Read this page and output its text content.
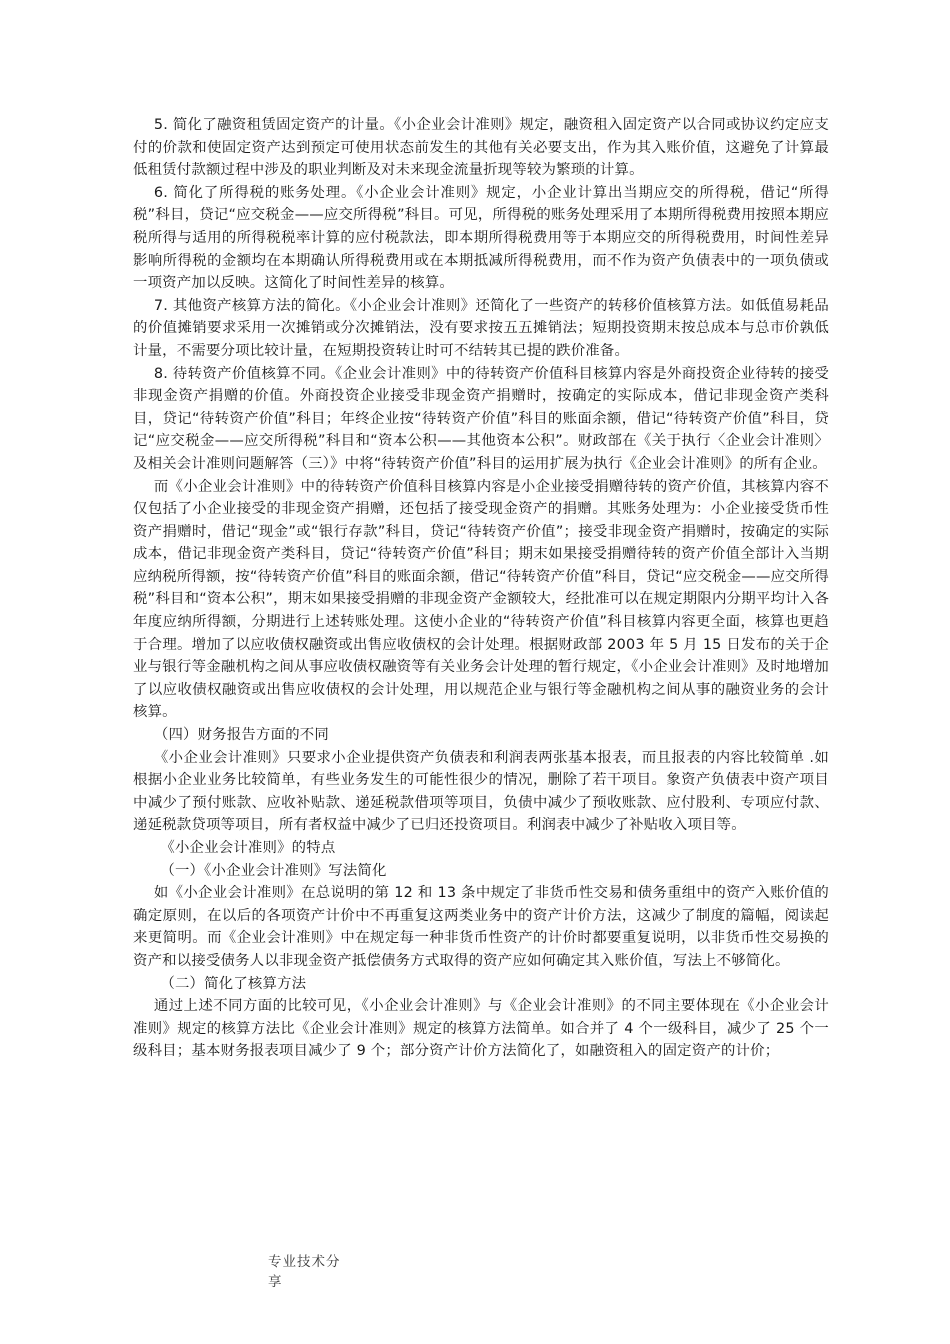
5. 简化了融资租赁固定资产的计量。《小企业会计准则》规定，融资租入固定资产以合同或协议约定应支付的价款和使固定资产达到预定可使用状态前发生的其他有关必要支出，作为其入账价值，这避免了计算最低租赁付款额过程中涉及的职业判断及对未来现金流量折现等较为繁琐的计算。

6. 简化了所得税的账务处理。《小企业会计准则》规定，小企业计算出当期应交的所得税，借记“所得税”科目，贷记“应交税金——应交所得税”科目。可见，所得税的账务处理采用了本期所得税费用按照本期应税所得与适用的所得税税率计算的应付税款法，即本期所得税费用等于本期应交的所得税费用，时间性差异影响所得税的金额均在本期确认所得税费用或在本期抵减所得税费用，而不作为资产负债表中的一项负债或一项资产加以反映。这简化了时间性差异的核算。

7. 其他资产核算方法的简化。《小企业会计准则》还简化了一些资产的转移价值核算方法。如低值易耗品的价值摊销要求采用一次摊销或分次摊销法，没有要求按五五摊销法；短期投资期末按总成本与总市价孰低计量，不需要分项比较计量，在短期投资转让时可不结转其已提的跌价准备。

8. 待转资产价值核算不同。《企业会计准则》中的待转资产价值科目核算内容是外商投资企业待转的接受非现金资产捐赠的价值。外商投资企业接受非现金资产捐赠时，按确定的实际成本，借记非现金资产类科目，贷记“待转资产价值”科目；年终企业按“待转资产价值”科目的账面余额，借记“待转资产价值”科目，贷记“应交税金——应交所得税”科目和“资本公积——其他资本公积”。财政部在《关于执行〈企业会计准则〉及相关会计准则问题解答（三）》中将“待转资产价值”科目的运用扩展为执行《企业会计准则》的所有企业。

而《小企业会计准则》中的待转资产价值科目核算内容是小企业接受捐赠待转的资产价值，其核算内容不仅包括了小企业接受的非现金资产捐赠，还包括了接受现金资产的捐赠。其账务处理为：小企业接受货币性资产捐赠时，借记“现金”或“银行存款”科目，贷记“待转资产价值”；接受非现金资产捐赠时，按确定的实际成本，借记非现金资产类科目，贷记“待转资产价值”科目；期末如果接受捐赠待转的资产价值全部计入当期应纳税所得额，按“待转资产价值”科目的账面余额，借记“待转资产价值”科目，贷记“应交税金——应交所得税”科目和“资本公积”，期末如果接受捐赠的非现金资产金额较大，经批准可以在规定期限内分期平均计入各年度应纳所得额，分期进行上述转账处理。这使小企业的“待转资产价值”科目核算内容更全面，核算也更趋于合理。增加了以应收债权融资或出售应收债权的会计处理。根据财政部 2003 年 5 月 15 日发布的关于企业与银行等金融机构之间从事应收债权融资等有关业务会计处理的暂行规定，《小企业会计准则》及时地增加了以应收债权融资或出售应收债权的会计处理，用以规范企业与银行等金融机构之间从事的融资业务的会计核算。

（四）财务报告方面的不同

《小企业会计准则》只要求小企业提供资产负债表和利润表两张基本报表，而且报表的内容比较简单 .如根据小企业业务比较简单，有些业务发生的可能性很少的情况，删除了若干项目。象资产负债表中资产项目中减少了预付账款、应收补贴款、递延税款借项等项目，负债中减少了预收账款、应付股利、专项应付款、递延税款贷项等项目，所有者权益中减少了已归还投资项目。利润表中减少了补贴收入项目等。

《小企业会计准则》的特点

（一）《小企业会计准则》写法简化

如《小企业会计准则》在总说明的第 12 和 13 条中规定了非货币性交易和债务重组中的资产入账价值的确定原则，在以后的各项资产计价中不再重复这两类业务中的资产计价方法，这减少了制度的篇幅，阅读起来更简明。而《企业会计准则》中在规定每一种非货币性资产的计价时都要重复说明，以非货币性交易换的资产和以接受债务人以非现金资产抵偿债务方式取得的资产应如何确定其入账价值，写法上不够简化。

（二）简化了核算方法

通过上述不同方面的比较可见，《小企业会计准则》与《企业会计准则》的不同主要体现在《小企业会计准则》规定的核算方法比《企业会计准则》规定的核算方法简单。如合并了 4 个一级科目，减少了 25 个一级科目；基本财务报表项目减少了 9 个；部分资产计价方法简化了，如融资租入的固定资产的计价；

专业技术分享
